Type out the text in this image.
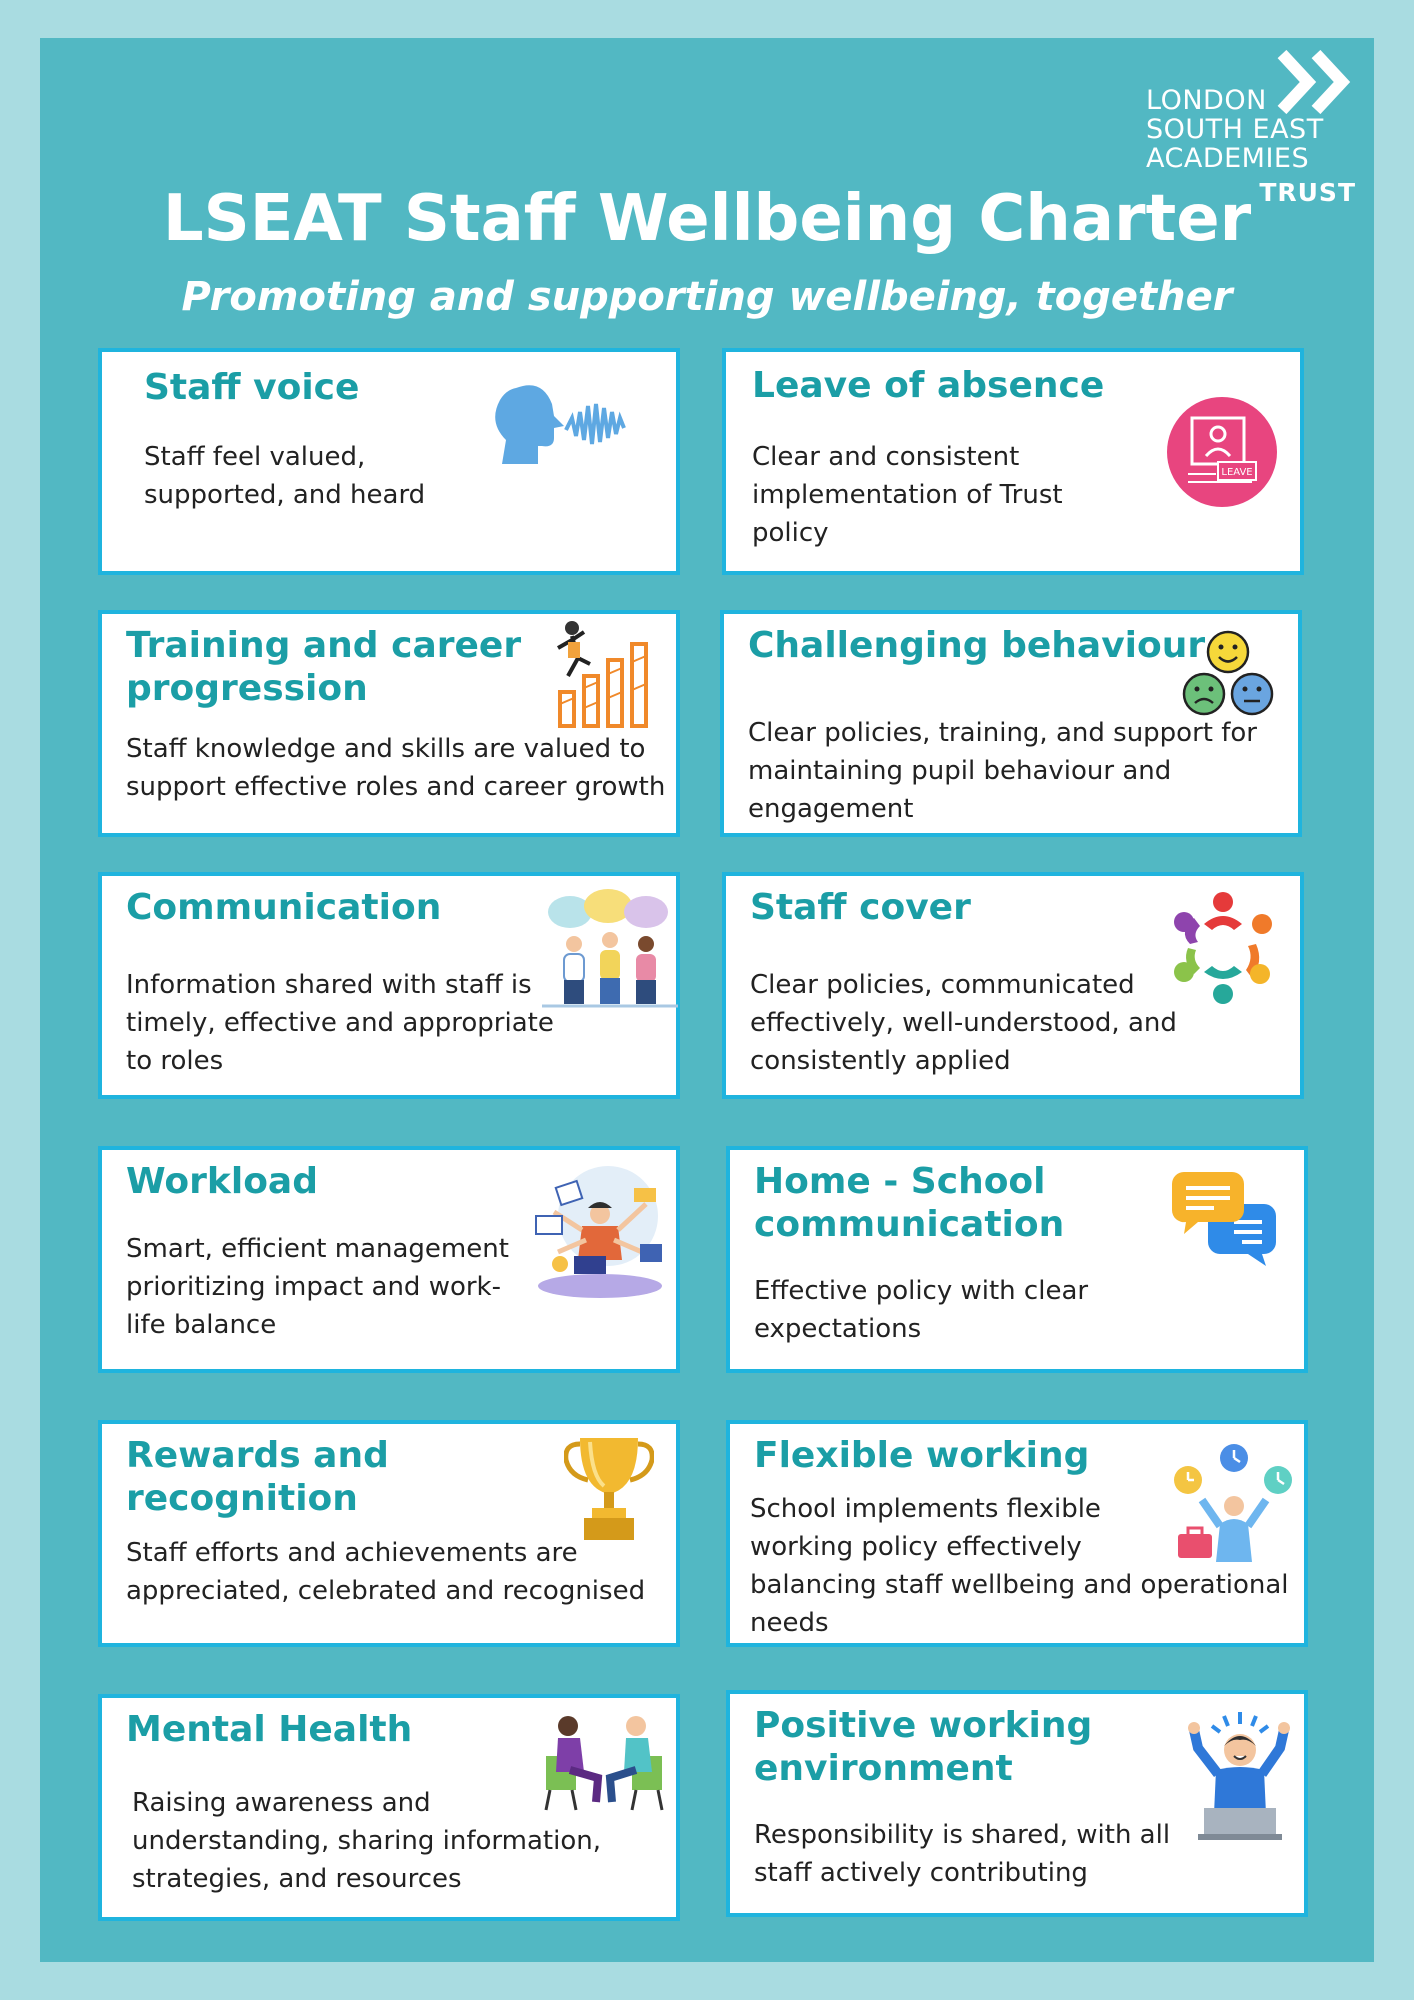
LONDON
SOUTH EAST
ACADEMIES
TRUST
LSEAT Staff Wellbeing Charter
Promoting and supporting wellbeing, together
Staff voice

Staff feel valued,
supported, and heard

Leave of absence

Clear and consistent
implementation of Trust
policy

LEAVE
Training and career
progression

Staff knowledge and skills are valued to
support effective roles and career growth

Challenging behaviour

Clear policies, training, and support for
maintaining pupil behaviour and
engagement

Communication

Information shared with staff is
timely, effective and appropriate
to roles

Staff cover

Clear policies, communicated
effectively, well-understood, and
consistently applied

Workload

Smart, efficient management
prioritizing impact and work-
life balance

Home - School
communication

Effective policy with clear
expectations

Rewards and
recognition

Staff efforts and achievements are
appreciated, celebrated and recognised

Flexible working

School implements flexible
working policy effectively
balancing staff wellbeing and operational
needs

Mental Health

Raising awareness and
understanding, sharing information,
strategies, and resources

Positive working
environment

Responsibility is shared, with all
staff actively contributing
